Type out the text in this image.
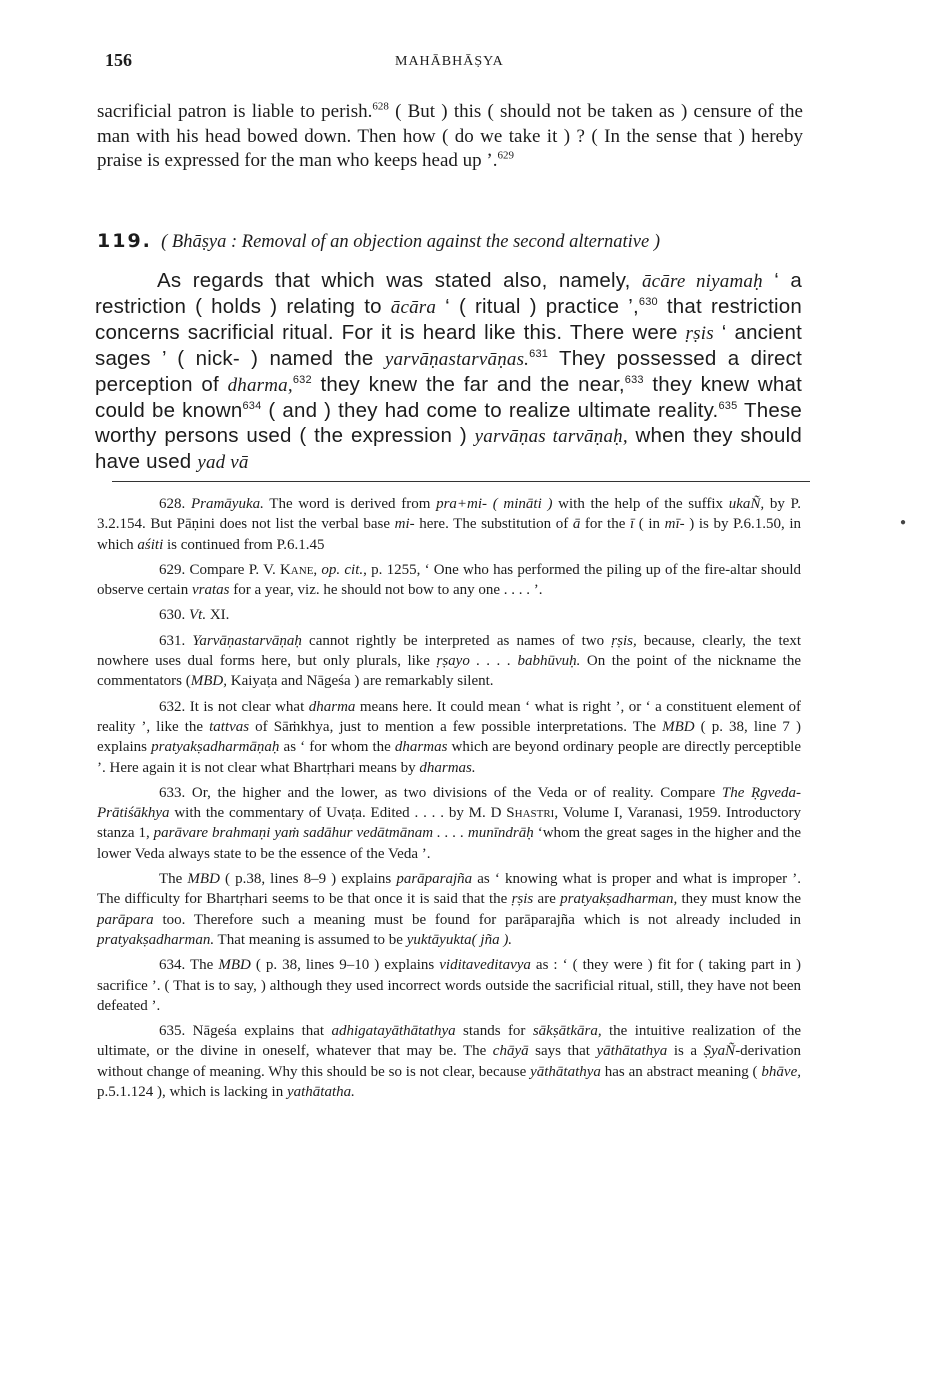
156	MAHĀBHĀṢYA

sacrificial patron is liable to perish.$^{628}$ ( But ) this ( should not be taken as ) censure of the man with his head bowed down. Then how ( do we take it ) ? ( In the sense that ) hereby praise is expressed for the man who keeps head up ’.$^{629}$

119. ( Bhāṣya : Removal of an objection against the second alternative )

As regards that which was stated also, namely, ācāre niyamaḥ ‘ a restriction ( holds ) relating to ācāra ‘ ( ritual ) practice ’,$^{630}$ that restriction concerns sacrificial ritual. For it is heard like this. There were ṛṣis ‘ ancient sages ’ ( nick- ) named the yarvāṇastarvāṇas.$^{631}$ They possessed a direct perception of dharma,$^{632}$ they knew the far and the near,$^{633}$ they knew what could be known$^{634}$ ( and ) they had come to realize ultimate reality.$^{635}$ These worthy persons used ( the expression ) yarvāṇas tarvāṇaḥ, when they should have used yad vā

628. Pramāyuka. The word is derived from pra+mi- ( mināti ) with the help of the suffix ukaÑ, by P. 3.2.154. But Pāṇini does not list the verbal base mi- here. The substitution of ā for the ī ( in mī- ) is by P.6.1.50, in which aśiti is continued from P.6.1.45

629. Compare P. V. Kane, op. cit., p. 1255, ‘ One who has performed the piling up of the fire-altar should observe certain vratas for a year, viz. he should not bow to any one . . . . ’.

630. Vt. XI.

631. Yarvāṇastarvāṇaḥ cannot rightly be interpreted as names of two ṛṣis, because, clearly, the text nowhere uses dual forms here, but only plurals, like ṛṣayo . . . . babhūvuḥ. On the point of the nickname the commentators (MBD, Kaiyaṭa and Nāgeśa ) are remarkably silent.

632. It is not clear what dharma means here. It could mean ‘ what is right ’, or ‘ a constituent element of reality ’, like the tattvas of Sāṁkhya, just to mention a few possible interpretations. The MBD ( p. 38, line 7 ) explains pratyakṣadharmāṇaḥ as ‘ for whom the dharmas which are beyond ordinary people are directly perceptible ’. Here again it is not clear what Bhartṛhari means by dharmas.

633. Or, the higher and the lower, as two divisions of the Veda or of reality. Compare The Ṛgveda-Prātiśākhya with the commentary of Uvaṭa. Edited . . . . by M. D Shastri, Volume I, Varanasi, 1959. Introductory stanza 1, parāvare brahmaṇi yaṁ sadāhur vedātmānam . . . . munīndrāḥ ‘whom the great sages in the higher and the lower Veda always state to be the essence of the Veda ’.

The MBD ( p.38, lines 8–9 ) explains parāparajña as ‘ knowing what is proper and what is improper ’. The difficulty for Bhartṛhari seems to be that once it is said that the ṛṣis are pratyakṣadharman, they must know the parāpara too. Therefore such a meaning must be found for parāparajña which is not already included in pratyakṣadharman. That meaning is assumed to be yuktāyukta( jña ).

634. The MBD ( p. 38, lines 9–10 ) explains viditaveditavya as : ‘ ( they were ) fit for ( taking part in ) sacrifice ’. ( That is to say, ) although they used incorrect words outside the sacrificial ritual, still, they have not been defeated ’.

635. Nāgeśa explains that adhigatayāthātathya stands for sākṣātkāra, the intuitive realization of the ultimate, or the divine in oneself, whatever that may be. The chāyā says that yāthātathya is a ṢyaÑ-derivation without change of meaning. Why this should be so is not clear, because yāthātathya has an abstract meaning ( bhāve, p.5.1.124 ), which is lacking in yathātatha.

●
